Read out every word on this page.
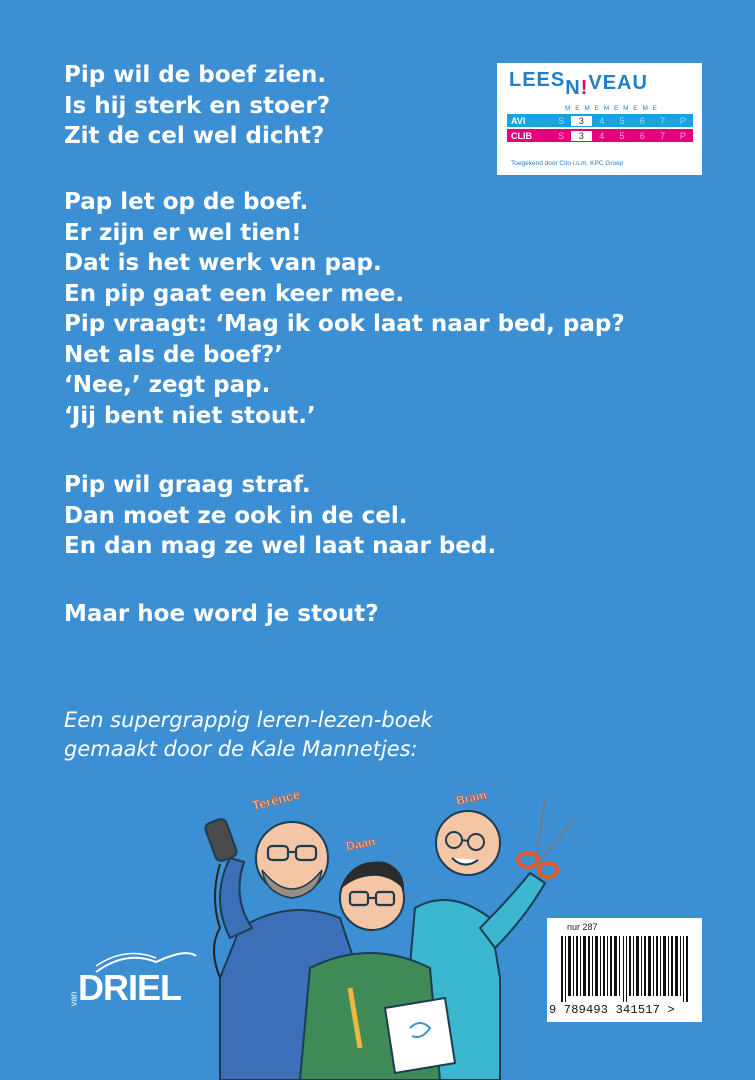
Pip wil de boef zien.
Is hij sterk en stoer?
Zit de cel wel dicht?
Pap let op de boef.
Er zijn er wel tien!
Dat is het werk van pap.
En pip gaat een keer mee.
Pip vraagt: ‘Mag ik ook laat naar bed, pap?
Net als de boef?’
‘Nee,’ zegt pap.
‘Jij bent niet stout.’
Pip wil graag straf.
Dan moet ze ook in de cel.
En dan mag ze wel laat naar bed.
Maar hoe word je stout?
Een supergrappig leren-lezen-boek
gemaakt door de Kale Mannetjes:
LEESN!VEAU
M E M E M E M E M E
AVI	S	3	4	5	6	7	P
CLIB	S	3	4	5	6	7	P
Toegekend door Cito i.s.m. KPC Groep
Terènce
Daan
Bram
van DRIEL
nur 287
9 789493 341517 >
